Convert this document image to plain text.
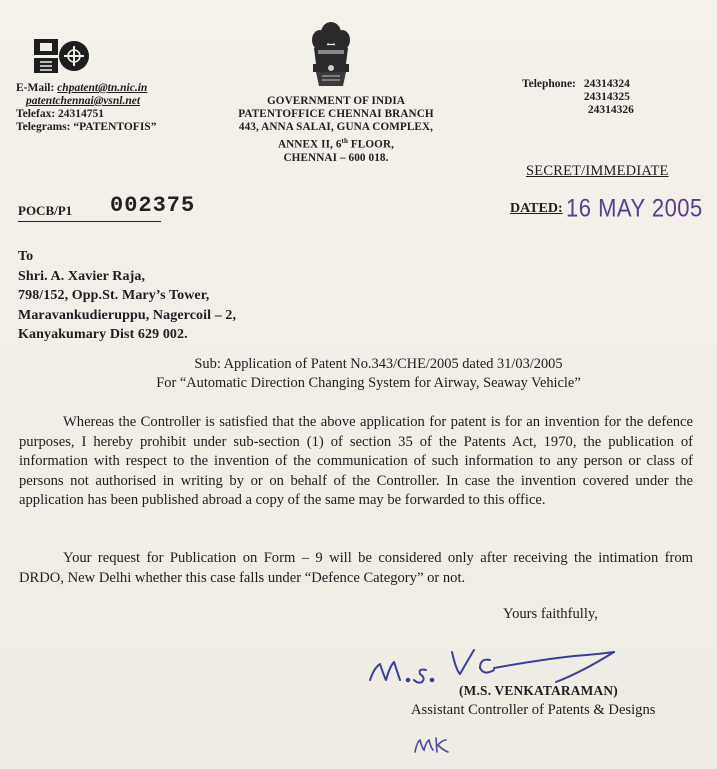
E-Mail: chpatent@tn.nic.in
patentchennai@vsnl.net
Telefax: 24314751
Telegrams: “PATENTOFIS”
GOVERNMENT OF INDIA
PATENTOFFICE CHENNAI BRANCH
443, ANNA SALAI, GUNA COMPLEX,
ANNEX II, 6th FLOOR,
CHENNAI – 600 018.
Telephone: 24314324
24314325
24314326
SECRET/IMMEDIATE
POCB/P1 002375	DATED: 16 MAY 2005
To
Shri. A. Xavier Raja,
798/152, Opp.St. Mary’s Tower,
Maravankudieruppu, Nagercoil – 2,
Kanyakumary Dist 629 002.
Sub: Application of Patent No.343/CHE/2005 dated 31/03/2005
For “Automatic Direction Changing System for Airway, Seaway Vehicle”
Whereas the Controller is satisfied that the above application for patent is for an invention for the defence purposes, I hereby prohibit under sub-section (1) of section 35 of the Patents Act, 1970, the publication of information with respect to the invention of the communication of such information to any person or class of persons not authorised in writing by or on behalf of the Controller. In case the invention covered under the application has been published abroad a copy of the same may be forwarded to this office.
Your request for Publication on Form – 9 will be considered only after receiving the intimation from DRDO, New Delhi whether this case falls under “Defence Category” or not.
Yours faithfully,
(M.S. VENKATARAMAN)
Assistant Controller of Patents & Designs
